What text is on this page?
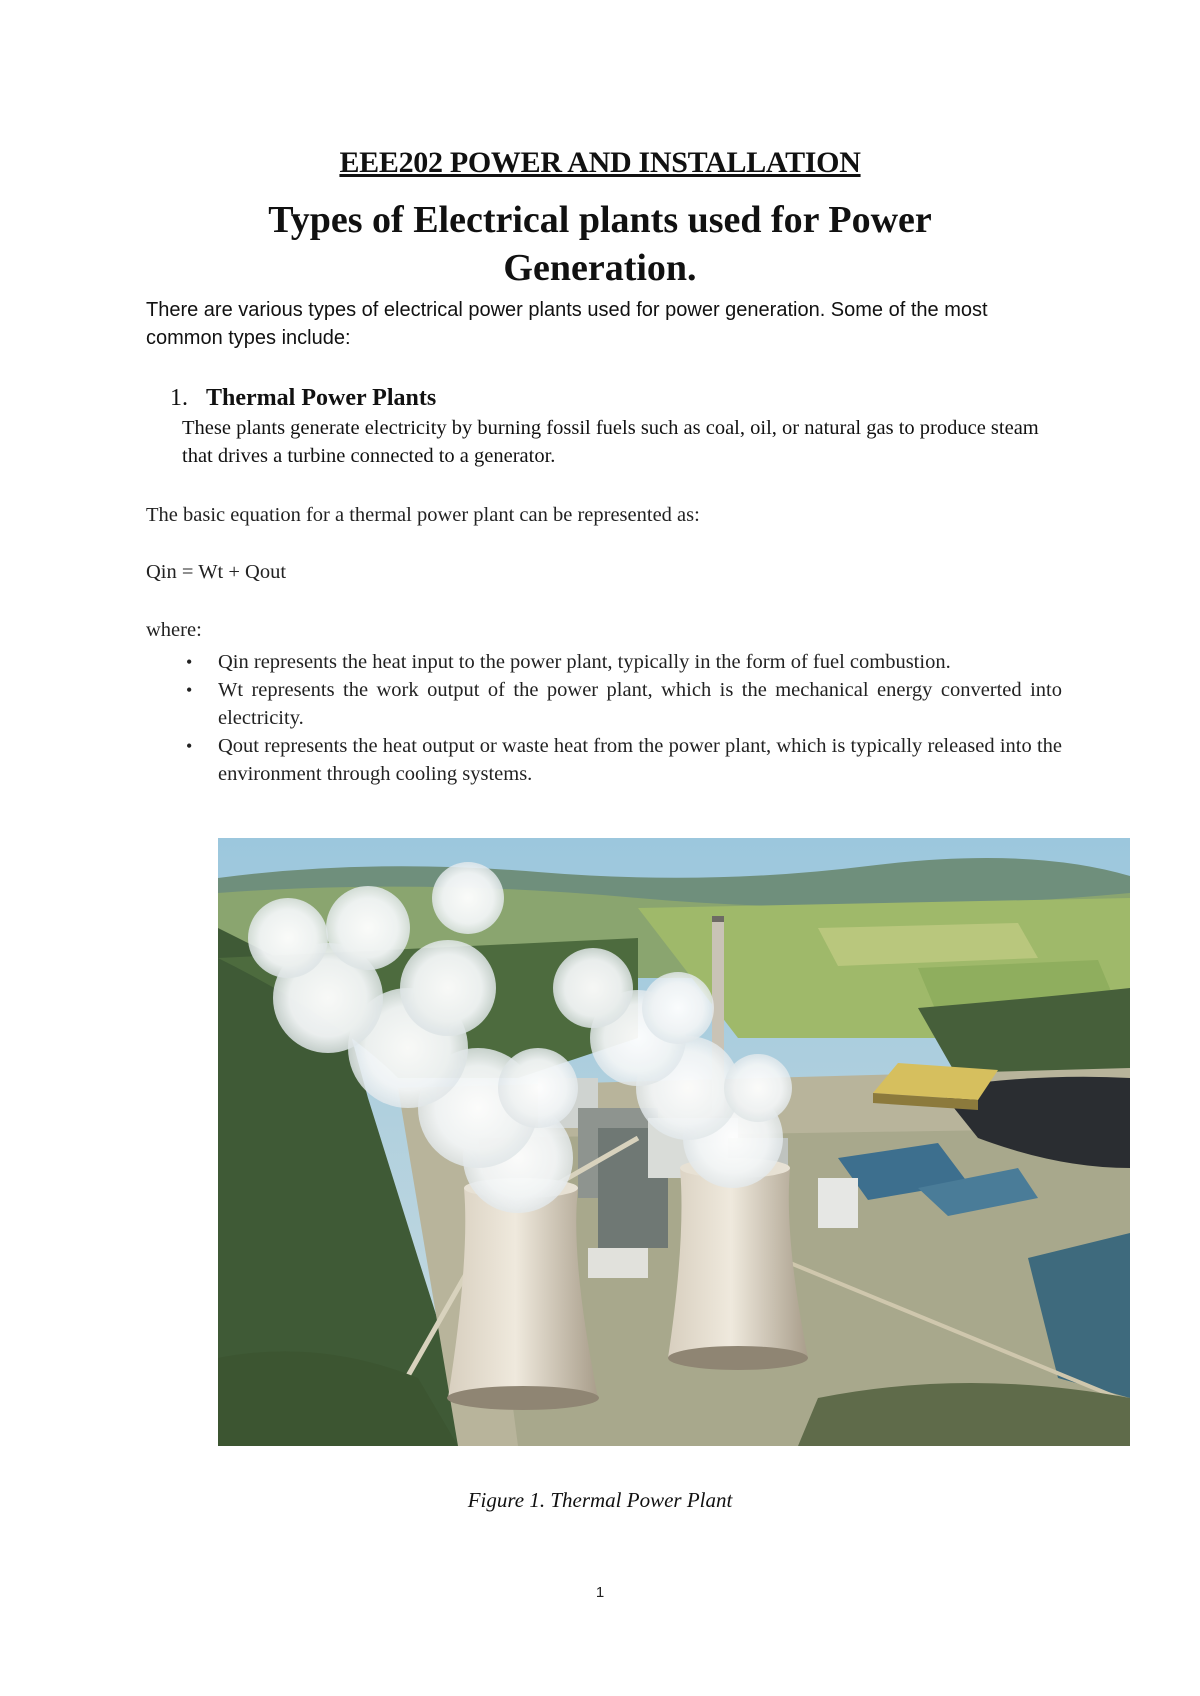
EEE202 POWER AND INSTALLATION
Types of Electrical plants used for Power Generation.
There are various types of electrical power plants used for power generation. Some of the most common types include:
1. Thermal Power Plants
These plants generate electricity by burning fossil fuels such as coal, oil, or natural gas to produce steam that drives a turbine connected to a generator.
The basic equation for a thermal power plant can be represented as:
Qin = Wt + Qout
where:
• Qin represents the heat input to the power plant, typically in the form of fuel combustion.
• Wt represents the work output of the power plant, which is the mechanical energy converted into electricity.
• Qout represents the heat output or waste heat from the power plant, which is typically released into the environment through cooling systems.
Figure 1. Thermal Power Plant
1
